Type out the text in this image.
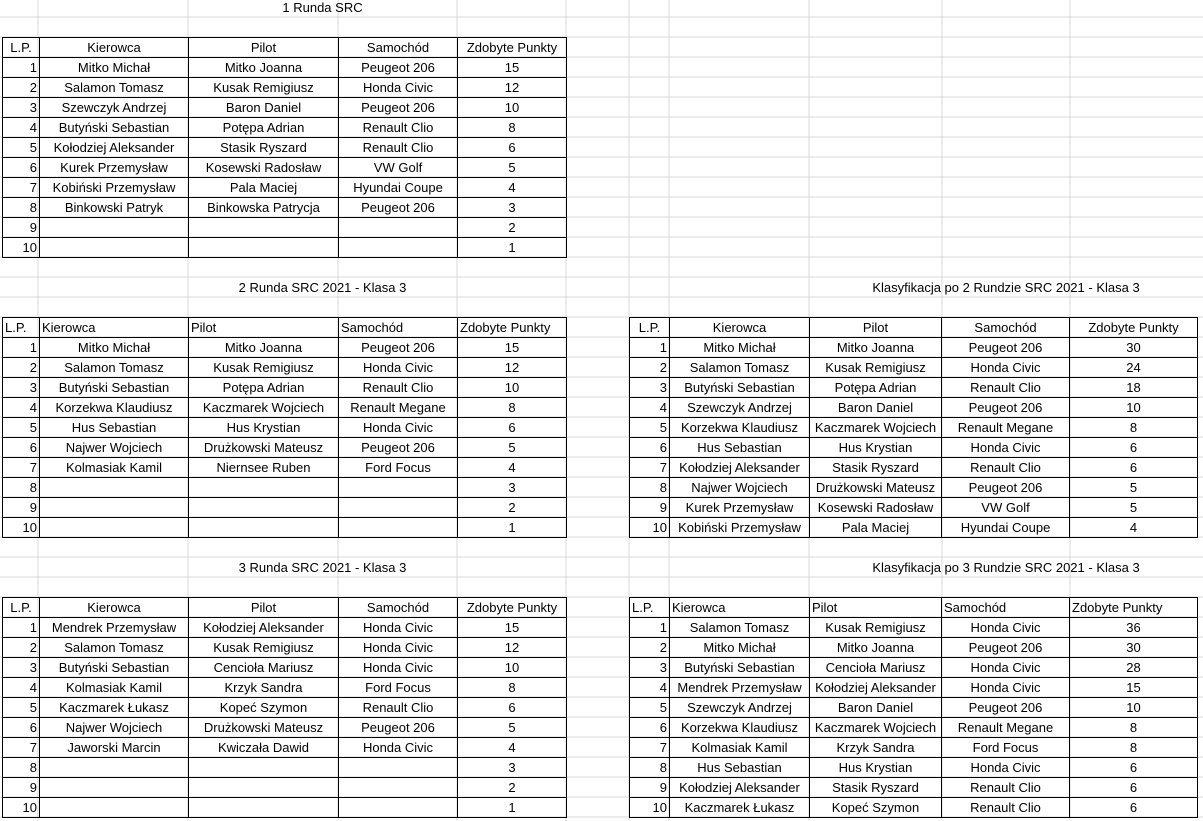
1 Runda SRC
2 Runda SRC 2021 - Klasa 3	Klasyfikacja po 2 Rundzie SRC 2021 - Klasa 3
3 Runda SRC 2021 - Klasa 3	Klasyfikacja po 3 Rundzie SRC 2021 - Klasa 3
L.P.	Kierowca	Pilot	Samochód	Zdobyte Punkty
1	Mitko Michał	Mitko Joanna	Peugeot 206	15
2	Salamon Tomasz	Kusak Remigiusz	Honda Civic	12
3	Szewczyk Andrzej	Baron Daniel	Peugeot 206	10
4	Butyński Sebastian	Potępa Adrian	Renault Clio	8
5	Kołodziej Aleksander	Stasik Ryszard	Renault Clio	6
6	Kurek Przemysław	Kosewski Radosław	VW Golf	5
7	Kobiński Przemysław	Pala Maciej	Hyundai Coupe	4
8	Binkowski Patryk	Binkowska Patrycja	Peugeot 206	3
9				2
10				1
L.P.	Kierowca	Pilot	Samochód	Zdobyte Punkty
1	Mitko Michał	Mitko Joanna	Peugeot 206	15
2	Salamon Tomasz	Kusak Remigiusz	Honda Civic	12
3	Butyński Sebastian	Potępa Adrian	Renault Clio	10
4	Korzekwa Klaudiusz	Kaczmarek Wojciech	Renault Megane	8
5	Hus Sebastian	Hus Krystian	Honda Civic	6
6	Najwer Wojciech	Drużkowski Mateusz	Peugeot 206	5
7	Kolmasiak Kamil	Niernsee Ruben	Ford Focus	4
8				3
9				2
10				1
L.P.	Kierowca	Pilot	Samochód	Zdobyte Punkty
1	Mitko Michał	Mitko Joanna	Peugeot 206	30
2	Salamon Tomasz	Kusak Remigiusz	Honda Civic	24
3	Butyński Sebastian	Potępa Adrian	Renault Clio	18
4	Szewczyk Andrzej	Baron Daniel	Peugeot 206	10
5	Korzekwa Klaudiusz	Kaczmarek Wojciech	Renault Megane	8
6	Hus Sebastian	Hus Krystian	Honda Civic	6
7	Kołodziej Aleksander	Stasik Ryszard	Renault Clio	6
8	Najwer Wojciech	Drużkowski Mateusz	Peugeot 206	5
9	Kurek Przemysław	Kosewski Radosław	VW Golf	5
10	Kobiński Przemysław	Pala Maciej	Hyundai Coupe	4
L.P.	Kierowca	Pilot	Samochód	Zdobyte Punkty
1	Mendrek Przemysław	Kołodziej Aleksander	Honda Civic	15
2	Salamon Tomasz	Kusak Remigiusz	Honda Civic	12
3	Butyński Sebastian	Cencioła Mariusz	Honda Civic	10
4	Kolmasiak Kamil	Krzyk Sandra	Ford Focus	8
5	Kaczmarek Łukasz	Kopeć Szymon	Renault Clio	6
6	Najwer Wojciech	Drużkowski Mateusz	Peugeot 206	5
7	Jaworski Marcin	Kwiczała Dawid	Honda Civic	4
8				3
9				2
10				1
L.P.	Kierowca	Pilot	Samochód	Zdobyte Punkty
1	Salamon Tomasz	Kusak Remigiusz	Honda Civic	36
2	Mitko Michał	Mitko Joanna	Peugeot 206	30
3	Butyński Sebastian	Cencioła Mariusz	Honda Civic	28
4	Mendrek Przemysław	Kołodziej Aleksander	Honda Civic	15
5	Szewczyk Andrzej	Baron Daniel	Peugeot 206	10
6	Korzekwa Klaudiusz	Kaczmarek Wojciech	Renault Megane	8
7	Kolmasiak Kamil	Krzyk Sandra	Ford Focus	8
8	Hus Sebastian	Hus Krystian	Honda Civic	6
9	Kołodziej Aleksander	Stasik Ryszard	Renault Clio	6
10	Kaczmarek Łukasz	Kopeć Szymon	Renault Clio	6
